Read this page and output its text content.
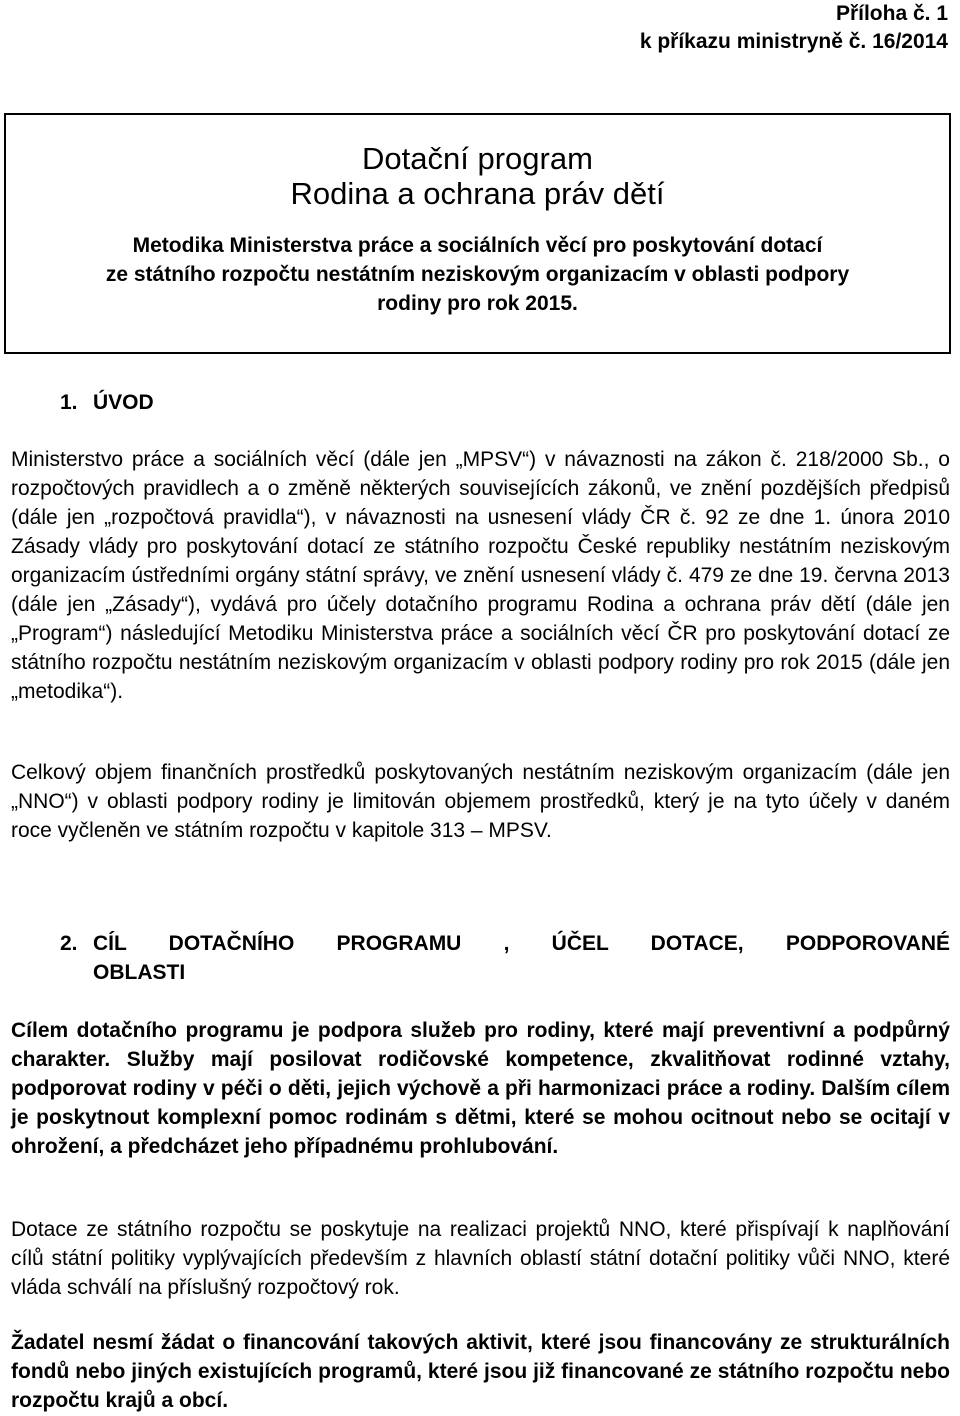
Příloha č. 1
k příkazu ministryně č. 16/2014
Dotační program
Rodina a ochrana práv dětí
Metodika Ministerstva práce a sociálních věcí pro poskytování dotací
ze státního rozpočtu nestátním neziskovým organizacím v oblasti podpory
rodiny pro rok 2015.
1. ÚVOD
Ministerstvo práce a sociálních věcí (dále jen „MPSV“) v návaznosti na zákon č. 218/2000 Sb., o rozpočtových pravidlech a o změně některých souvisejících zákonů, ve znění pozdějších předpisů (dále jen „rozpočtová pravidla“), v návaznosti na usnesení vlády ČR č. 92 ze dne 1. února 2010 Zásady vlády pro poskytování dotací ze státního rozpočtu České republiky nestátním neziskovým organizacím ústředními orgány státní správy, ve znění usnesení vlády č. 479 ze dne 19. června 2013 (dále jen „Zásady“), vydává pro účely dotačního programu Rodina a ochrana práv dětí (dále jen „Program“) následující Metodiku Ministerstva práce a sociálních věcí ČR pro poskytování dotací ze státního rozpočtu nestátním neziskovým organizacím v oblasti podpory rodiny pro rok 2015 (dále jen „metodika“).
Celkový objem finančních prostředků poskytovaných nestátním neziskovým organizacím (dále jen „NNO“) v oblasti podpory rodiny je limitován objemem prostředků, který je na tyto účely v daném roce vyčleněn ve státním rozpočtu v kapitole 313 – MPSV.
2. CÍL DOTAČNÍHO PROGRAMU , ÚČEL DOTACE, PODPOROVANÉ
OBLASTI
Cílem dotačního programu je podpora služeb pro rodiny, které mají preventivní a podpůrný charakter. Služby mají posilovat rodičovské kompetence, zkvalitňovat rodinné vztahy, podporovat rodiny v péči o děti, jejich výchově a při harmonizaci práce a rodiny. Dalším cílem je poskytnout komplexní pomoc rodinám s dětmi, které se mohou ocitnout nebo se ocitají v ohrožení, a předcházet jeho případnému prohlubování.
Dotace ze státního rozpočtu se poskytuje na realizaci projektů NNO, které přispívají k naplňování cílů státní politiky vyplývajících především z hlavních oblastí státní dotační politiky vůči NNO, které vláda schválí na příslušný rozpočtový rok.
Žadatel nesmí žádat o financování takových aktivit, které jsou financovány ze strukturálních fondů nebo jiných existujících programů, které jsou již financované ze státního rozpočtu nebo rozpočtu krajů a obcí.
